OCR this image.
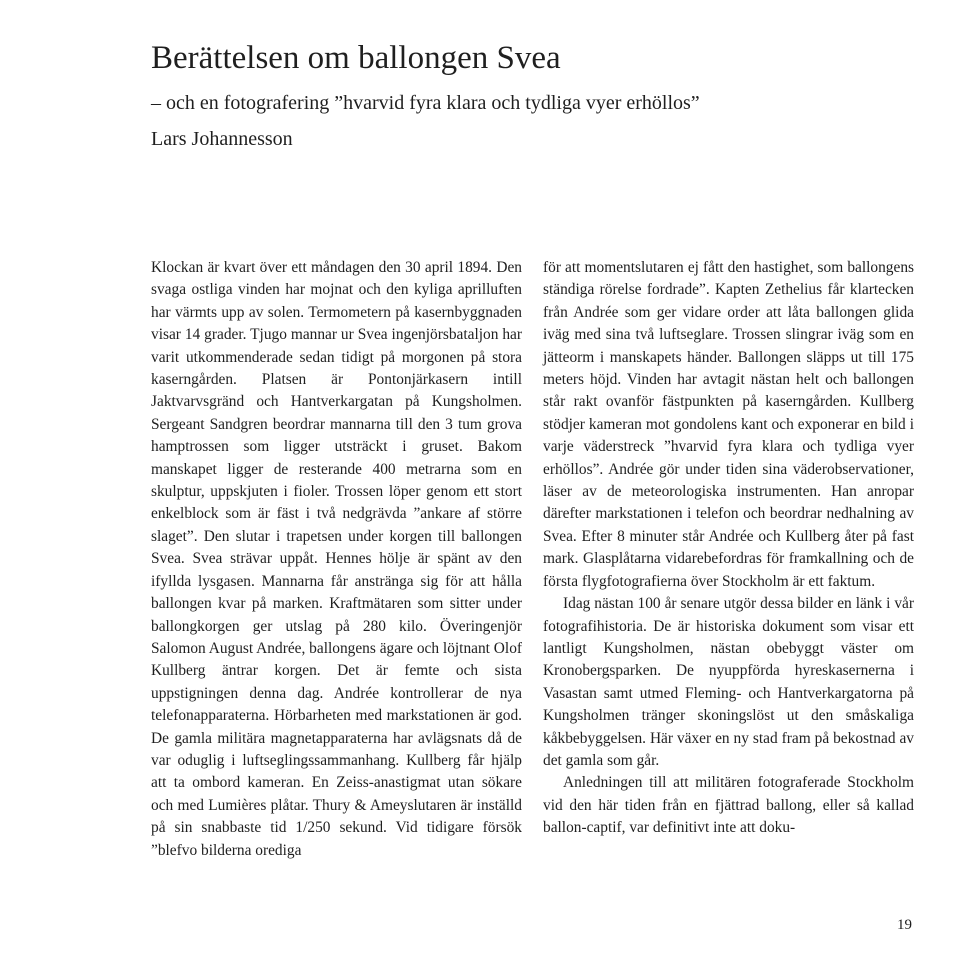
Berättelsen om ballongen Svea

– och en fotografering ”hvarvid fyra klara och tydliga vyer erhöllos”

Lars Johannesson

Klockan är kvart över ett måndagen den 30 april 1894. Den svaga ostliga vinden har mojnat och den kyliga aprilluften har värmts upp av solen. Termometern på kasernbyggnaden visar 14 grader. Tjugo mannar ur Svea ingenjörsbataljon har varit utkommenderade sedan tidigt på morgonen på stora kaserngården. Platsen är Pontonjärkasern intill Jaktvarvsgränd och Hantverkargatan på Kungsholmen. Sergeant Sandgren beordrar mannarna till den 3 tum grova hamptrossen som ligger utsträckt i gruset. Bakom manskapet ligger de resterande 400 metrarna som en skulptur, uppskjuten i fioler. Trossen löper genom ett stort enkelblock som är fäst i två nedgrävda ”ankare af större slaget”. Den slutar i trapetsen under korgen till ballongen Svea. Svea strävar uppåt. Hennes hölje är spänt av den ifyllda lysgasen. Mannarna får anstränga sig för att hålla ballongen kvar på marken. Kraftmätaren som sitter under ballongkorgen ger utslag på 280 kilo. Överingenjör Salomon August Andrée, ballongens ägare och löjtnant Olof Kullberg äntrar korgen. Det är femte och sista uppstigningen denna dag. Andrée kontrollerar de nya telefonapparaterna. Hörbarheten med markstationen är god. De gamla militära magnetapparaterna har avlägsnats då de var oduglig i luftseglingssammanhang. Kullberg får hjälp att ta ombord kameran. En Zeiss-anastigmat utan sökare och med Lumières plåtar. Thury & Ameyslutaren är inställd på sin snabbaste tid 1/250 sekund. Vid tidigare försök ”blefvo bilderna orediga

för att momentslutaren ej fått den hastighet, som ballongens ständiga rörelse fordrade”. Kapten Zethelius får klartecken från Andrée som ger vidare order att låta ballongen glida iväg med sina två luftseglare. Trossen slingrar iväg som en jätteorm i manskapets händer. Ballongen släpps ut till 175 meters höjd. Vinden har avtagit nästan helt och ballongen står rakt ovanför fästpunkten på kaserngården. Kullberg stödjer kameran mot gondolens kant och exponerar en bild i varje väderstreck ”hvarvid fyra klara och tydliga vyer erhöllos”. Andrée gör under tiden sina väderobservationer, läser av de meteorologiska instrumenten. Han anropar därefter markstationen i telefon och beordrar nedhalning av Svea. Efter 8 minuter står Andrée och Kullberg åter på fast mark. Glasplåtarna vidarebefordras för framkallning och de första flygfotografierna över Stockholm är ett faktum.

Idag nästan 100 år senare utgör dessa bilder en länk i vår fotografihistoria. De är historiska dokument som visar ett lantligt Kungsholmen, nästan obebyggt väster om Kronobergsparken. De nyuppförda hyreskasernerna i Vasastan samt utmed Fleming- och Hantverkargatorna på Kungsholmen tränger skoningslöst ut den småskaliga kåkbebyggelsen. Här växer en ny stad fram på bekostnad av det gamla som går.

Anledningen till att militären fotograferade Stockholm vid den här tiden från en fjättrad ballong, eller så kallad ballon-captif, var definitivt inte att doku-

19
